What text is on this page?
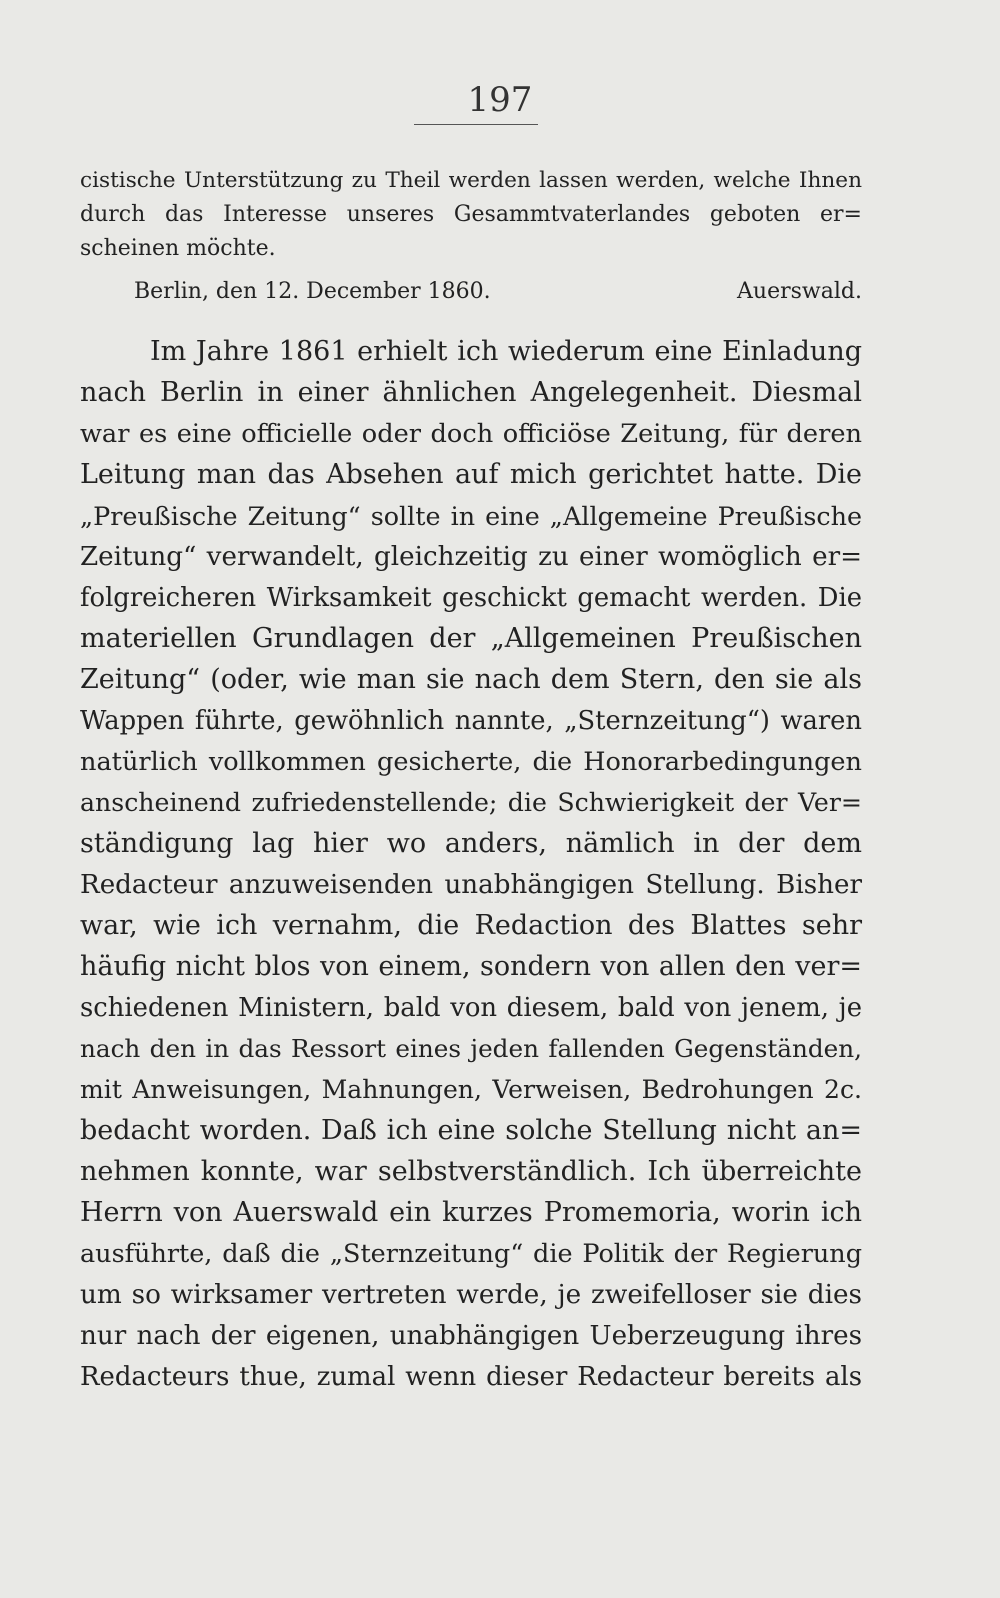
197
cistische Unterstützung zu Theil werden lassen werden, welche Ihnen
durch das Interesse unseres Gesammtvaterlandes geboten er=
scheinen möchte.
Berlin, den 12. December 1860.	Auerswald.
Im Jahre 1861 erhielt ich wiederum eine Einladung
nach Berlin in einer ähnlichen Angelegenheit. Diesmal
war es eine officielle oder doch officiöse Zeitung, für deren
Leitung man das Absehen auf mich gerichtet hatte. Die
„Preußische Zeitung“ sollte in eine „Allgemeine Preußische
Zeitung“ verwandelt, gleichzeitig zu einer womöglich er=
folgreicheren Wirksamkeit geschickt gemacht werden. Die
materiellen Grundlagen der „Allgemeinen Preußischen
Zeitung“ (oder, wie man sie nach dem Stern, den sie als
Wappen führte, gewöhnlich nannte, „Sternzeitung“) waren
natürlich vollkommen gesicherte, die Honorarbedingungen
anscheinend zufriedenstellende; die Schwierigkeit der Ver=
ständigung lag hier wo anders, nämlich in der dem
Redacteur anzuweisenden unabhängigen Stellung. Bisher
war, wie ich vernahm, die Redaction des Blattes sehr
häufig nicht blos von einem, sondern von allen den ver=
schiedenen Ministern, bald von diesem, bald von jenem, je
nach den in das Ressort eines jeden fallenden Gegenständen,
mit Anweisungen, Mahnungen, Verweisen, Bedrohungen 2c.
bedacht worden. Daß ich eine solche Stellung nicht an=
nehmen konnte, war selbstverständlich. Ich überreichte
Herrn von Auerswald ein kurzes Promemoria, worin ich
ausführte, daß die „Sternzeitung“ die Politik der Regierung
um so wirksamer vertreten werde, je zweifelloser sie dies
nur nach der eigenen, unabhängigen Ueberzeugung ihres
Redacteurs thue, zumal wenn dieser Redacteur bereits als
